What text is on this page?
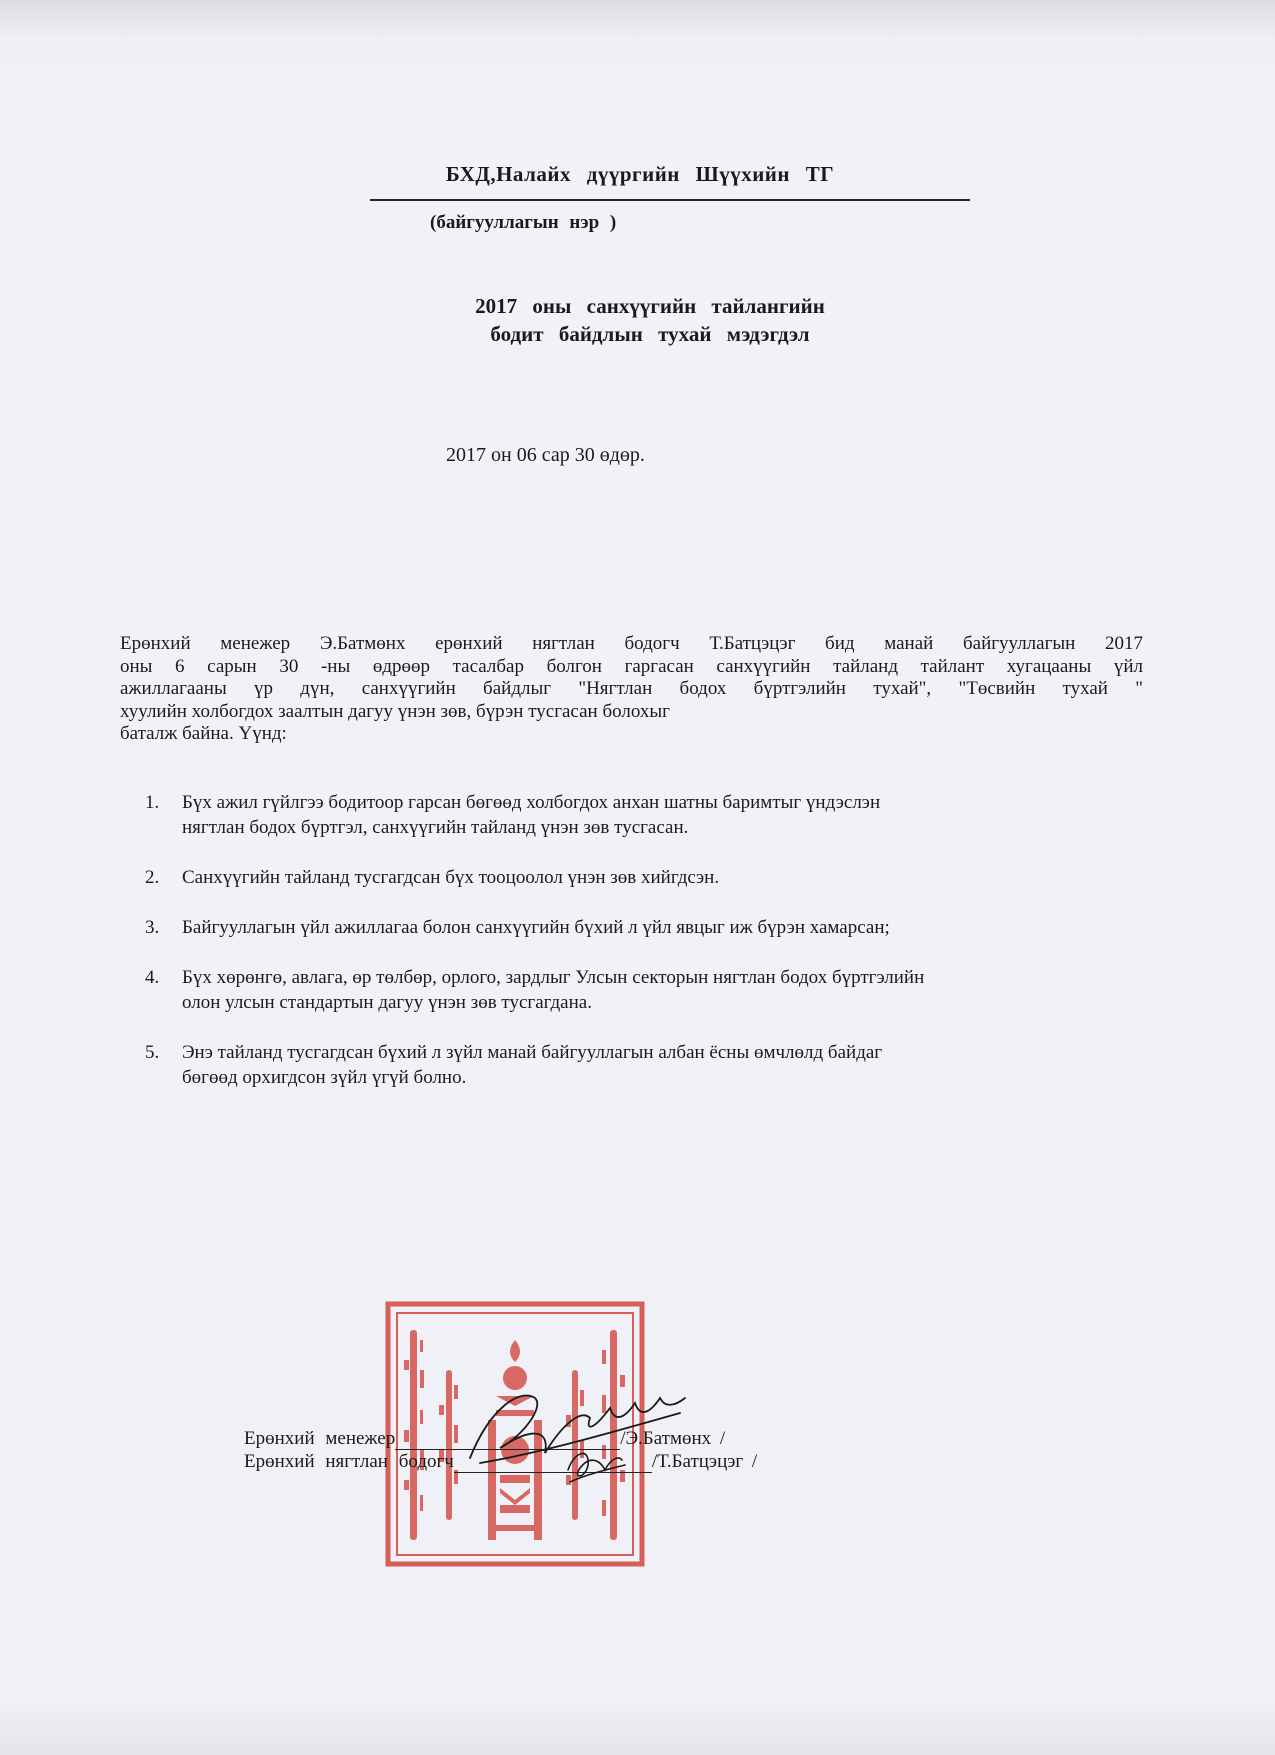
БХД,Налайх дүүргийн Шүүхийн ТГ

(байгууллагын нэр )

2017 оны санхүүгийн тайлангийн
бодит байдлын тухай мэдэгдэл

2017 он 06 сар 30 өдөр.

Ерөнхий менежер Э.Батмөнх ерөнхий нягтлан бодогч Т.Батцэцэг бид манай байгууллагын 2017
оны 6 сарын 30 -ны өдрөөр тасалбар болгон гаргасан санхүүгийн тайланд тайлант хугацааны үйл
ажиллагааны үр дүн, санхүүгийн байдлыг "Нягтлан бодох бүртгэлийн тухай", "Төсвийн тухай "
хуулийн холбогдох заалтын дагуу үнэн зөв, бүрэн тусгасан болохыг
баталж байна. Үүнд:
1. Бүх ажил гүйлгээ бодитоор гарсан бөгөөд холбогдох анхан шатны баримтыг үндэслэн
нягтлан бодох бүртгэл, санхүүгийн тайланд үнэн зөв тусгасан.
2. Санхүүгийн тайланд тусгагдсан бүх тооцоолол үнэн зөв хийгдсэн.
3. Байгууллагын үйл ажиллагаа болон санхүүгийн бүхий л үйл явцыг иж бүрэн хамарсан;
4. Бүх хөрөнгө, авлага, өр төлбөр, орлого, зардлыг Улсын секторын нягтлан бодох бүртгэлийн
олон улсын стандартын дагуу үнэн зөв тусгагдана.
5. Энэ тайланд тусгагдсан бүхий л зүйл манай байгууллагын албан ёсны өмчлөлд байдаг
бөгөөд орхигдсон зүйл үгүй болно.
Ерөнхий менежер	/Э.Батмөнх /
Ерөнхий нягтлан бодогч	/Т.Батцэцэг /
